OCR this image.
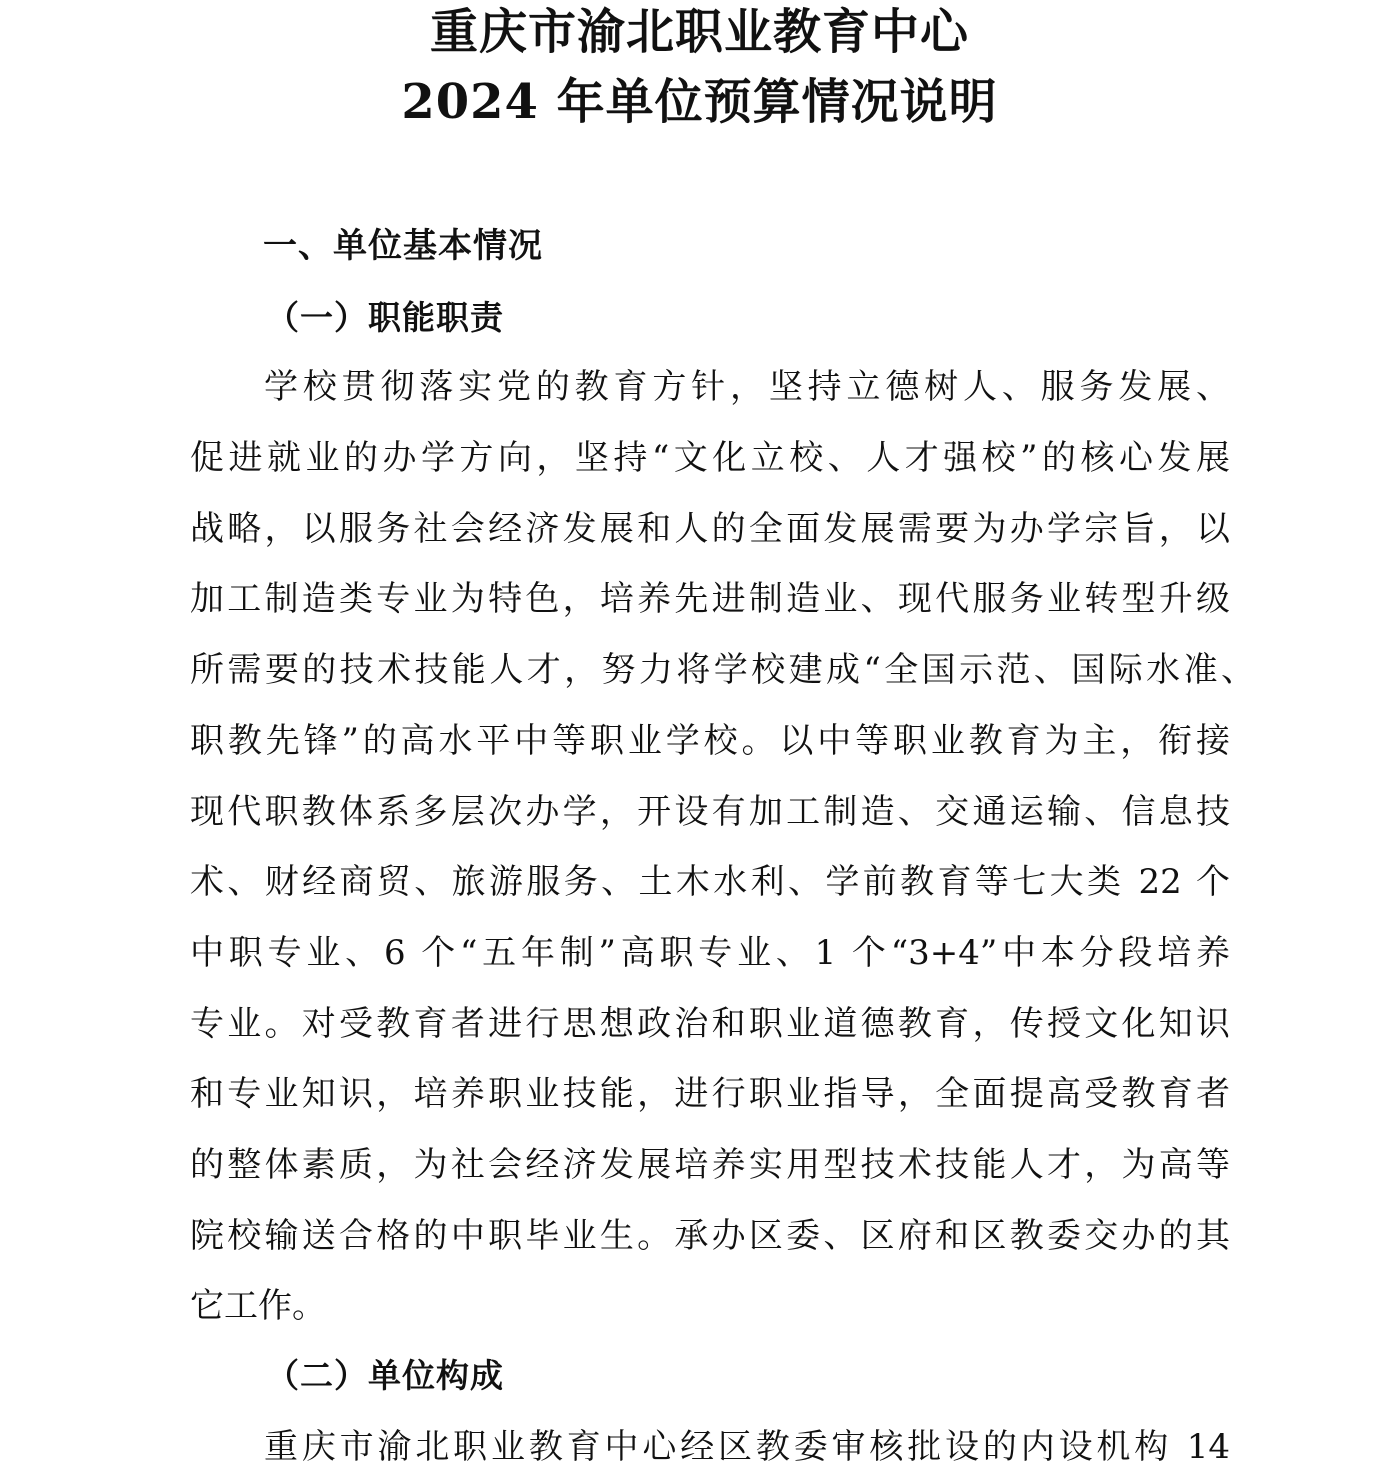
重庆市渝北职业教育中心
2024 年单位预算情况说明
一、单位基本情况
（一）职能职责
学校贯彻落实党的教育方针，坚持立德树人、服务发展、
促进就业的办学方向，坚持“文化立校、人才强校”的核心发展
战略，以服务社会经济发展和人的全面发展需要为办学宗旨，以
加工制造类专业为特色，培养先进制造业、现代服务业转型升级
所需要的技术技能人才，努力将学校建成“全国示范、国际水准、
职教先锋”的高水平中等职业学校。以中等职业教育为主，衔接
现代职教体系多层次办学，开设有加工制造、交通运输、信息技
术、财经商贸、旅游服务、土木水利、学前教育等七大类 22 个
中职专业、6 个“五年制”高职专业、1 个“3+4”中本分段培养
专业。对受教育者进行思想政治和职业道德教育，传授文化知识
和专业知识，培养职业技能，进行职业指导，全面提高受教育者
的整体素质，为社会经济发展培养实用型技术技能人才，为高等
院校输送合格的中职毕业生。承办区委、区府和区教委交办的其
它工作。
（二）单位构成
重庆市渝北职业教育中心经区教委审核批设的内设机构 14
